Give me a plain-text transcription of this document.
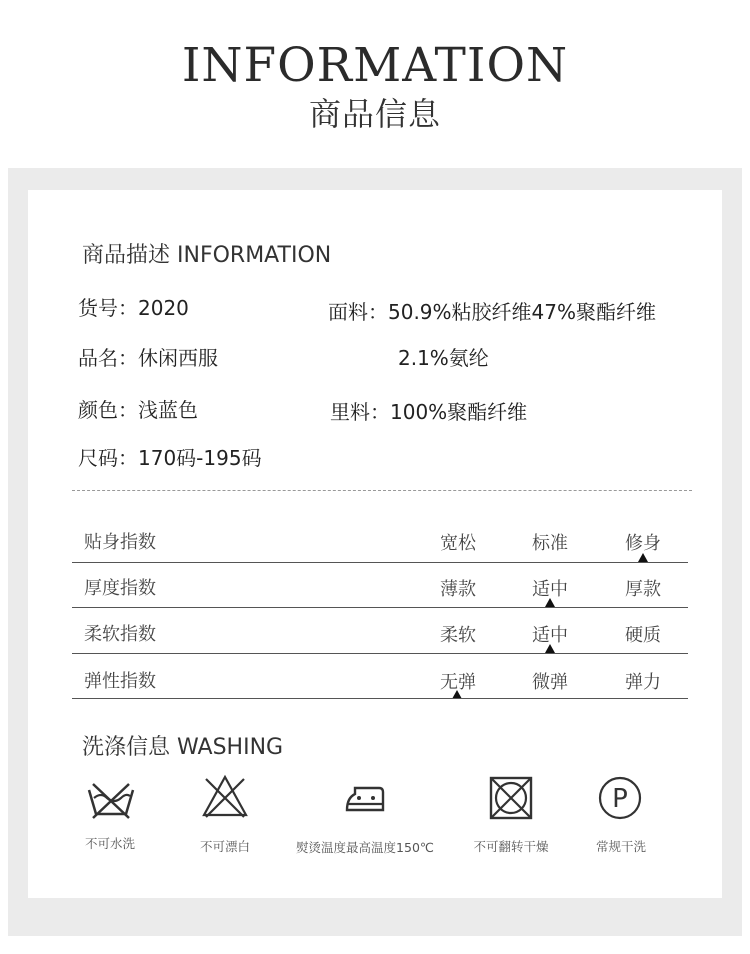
INFORMATION
商品信息
商品描述 INFORMATION
货号：2020
品名：休闲西服
颜色：浅蓝色
尺码：170码-195码
面料：50.9%粘胶纤维47%聚酯纤维
2.1%氨纶
里料：100%聚酯纤维
贴身指数	宽松	标准	修身
厚度指数	薄款	适中	厚款
柔软指数	柔软	适中	硬质
弹性指数	无弹	微弹	弹力
洗涤信息 WASHING
不可水洗	不可漂白	熨烫温度最高温度150℃	不可翻转干燥
P
常规干洗
